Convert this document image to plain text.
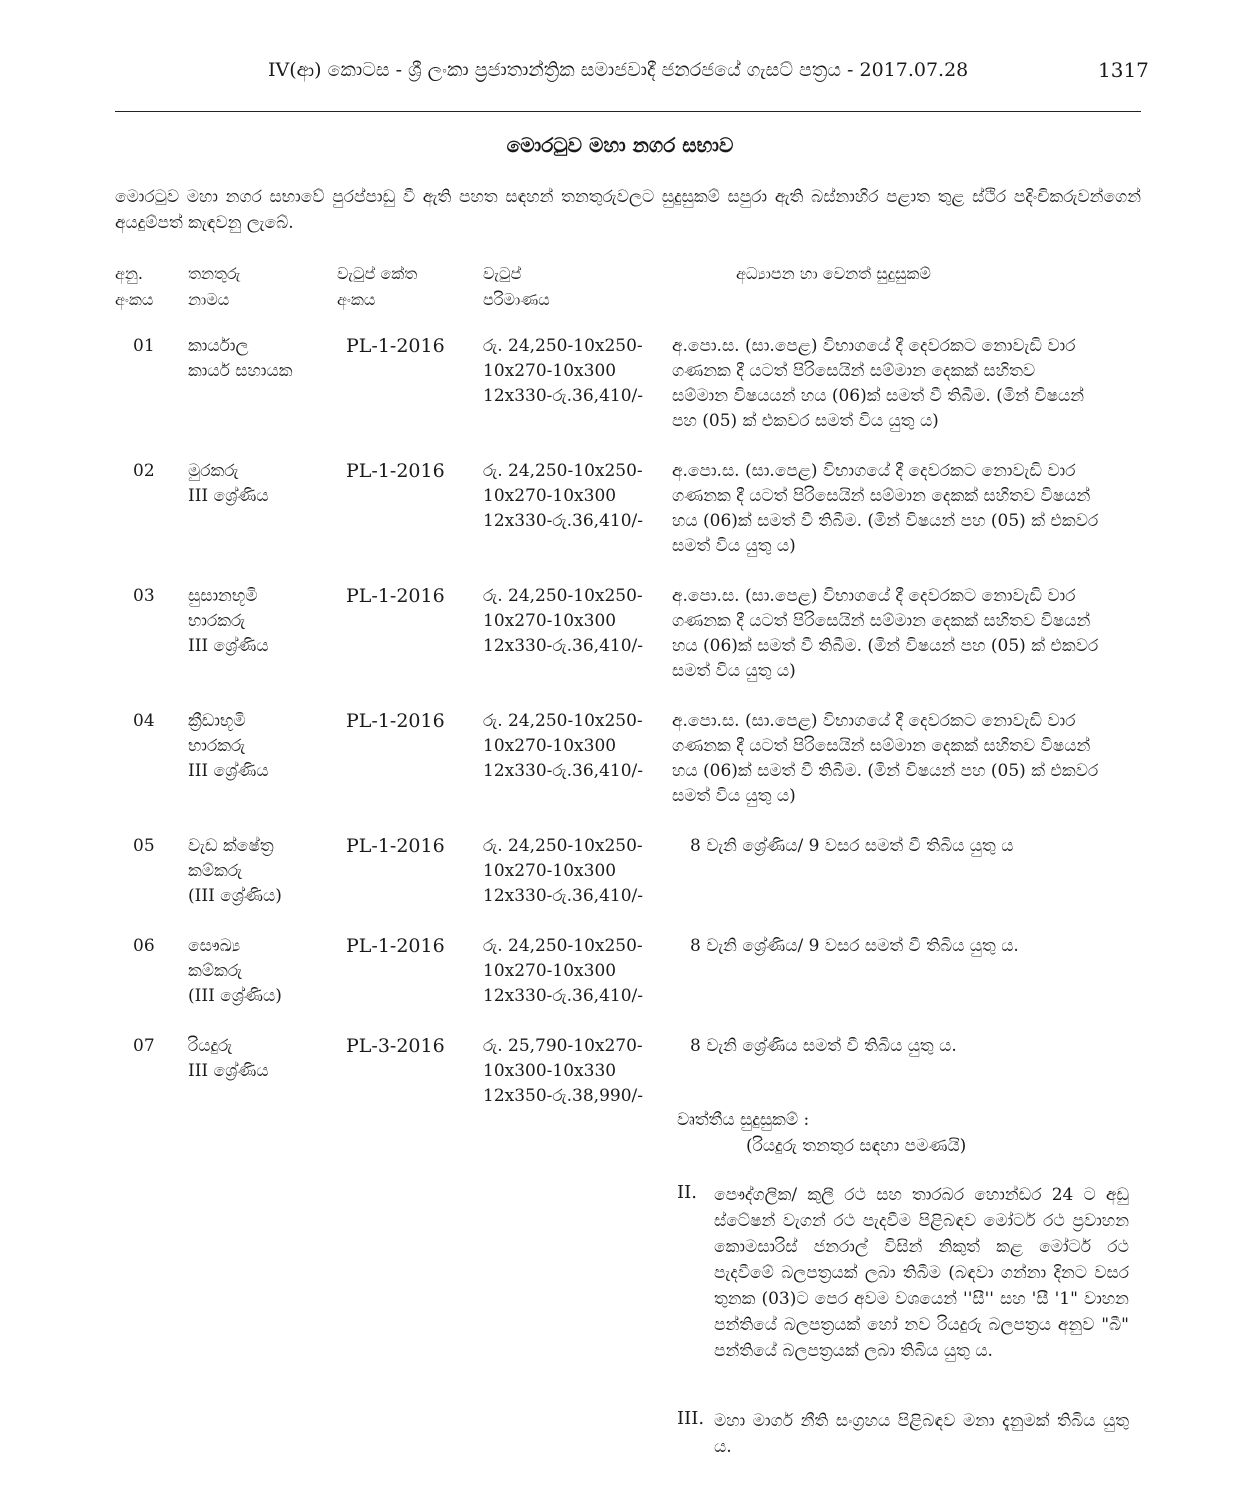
IV(ආ) කොටස - ශ්‍රී ලංකා ප්‍රජාතාන්ත්‍රික සමාජවාදී ජනරජයේ ගැසට් පත්‍රය - 2017.07.28	1317
මොරටුව මහා නගර සභාව
මොරටුව මහා නගර සභාවේ පුරප්පාඩු වී ඇති පහත සඳහන් තනතුරුවලට සුදුසුකම් සපුරා ඇති බස්නාහිර පළාත තුළ ස්ථිර පදිංචිකරුවන්ගෙන් අයදුම්පත් කැඳවනු ලැබේ.
අනු.
අංකය
තනතුරු
නාමය
වැටුප් කේත
අංකය
වැටුප්
පරිමාණය
අධ්‍යාපන හා වෙනත් සුදුසුකම්
01 කාර්යාල
කාර්ය සහායක
PL-1-2016 රු. 24,250-10x250-
10x270-10x300
12x330-රු.36,410/-
අ.පො.ස. (සා.පෙළ) විභාගයේ දී දෙවරකට නොවැඩි වාර
ගණනක දී යටත් පිරිසෙයින් සම්මාන දෙකක් සහිතව
සම්මාන විෂයයන් හය (06)ක් සමත් වී තිබීම. (මින් විෂයන්
පහ (05) ක් එකවර සමත් විය යුතු ය)
02 මුරකරු
III ශ්‍රේණිය
PL-1-2016 රු. 24,250-10x250-
10x270-10x300
12x330-රු.36,410/-
අ.පො.ස. (සා.පෙළ) විභාගයේ දී දෙවරකට නොවැඩි වාර
ගණනක දී යටත් පිරිසෙයින් සම්මාන දෙකක් සහිතව විෂයන්
හය (06)ක් සමත් වී තිබීම. (මින් විෂයන් පහ (05) ක් එකවර
සමත් විය යුතු ය)
03 සුසානභූමි
භාරකරු
III ශ්‍රේණිය
PL-1-2016 රු. 24,250-10x250-
10x270-10x300
12x330-රු.36,410/-
අ.පො.ස. (සා.පෙළ) විභාගයේ දී දෙවරකට නොවැඩි වාර
ගණනක දී යටත් පිරිසෙයින් සම්මාන දෙකක් සහිතව විෂයන්
හය (06)ක් සමත් වී තිබීම. (මින් විෂයන් පහ (05) ක් එකවර
සමත් විය යුතු ය)
04 ක්‍රීඩාභූමි
භාරකරු
III ශ්‍රේණිය
PL-1-2016 රු. 24,250-10x250-
10x270-10x300
12x330-රු.36,410/-
අ.පො.ස. (සා.පෙළ) විභාගයේ දී දෙවරකට නොවැඩි වාර
ගණනක දී යටත් පිරිසෙයින් සම්මාන දෙකක් සහිතව විෂයන්
හය (06)ක් සමත් වී තිබීම. (මින් විෂයන් පහ (05) ක් එකවර
සමත් විය යුතු ය)
05 වැඩ ක්ෂේත්‍ර
කම්කරු
(III ශ්‍රේණිය)
PL-1-2016 රු. 24,250-10x250-
10x270-10x300
12x330-රු.36,410/-
8 වැනි ශ්‍රේණිය/ 9 වසර සමත් වී තිබිය යුතු ය
06 සෞඛ්‍ය
කම්කරු
(III ශ්‍රේණිය)
PL-1-2016 රු. 24,250-10x250-
10x270-10x300
12x330-රු.36,410/-
8 වැනි ශ්‍රේණිය/ 9 වසර සමත් වී තිබිය යුතු ය.
07 රියදුරු
III ශ්‍රේණිය
PL-3-2016 රු. 25,790-10x270-
10x300-10x330
12x350-රු.38,990/-
8 වැනි ශ්‍රේණිය සමත් වී තිබිය යුතු ය.
වෘත්තීය සුදුසුකම් :
(රියදුරු තනතුර සඳහා පමණයි)
II. පෞද්ගලික/ කුලී රථ සහ තාරබර හොන්ඩර 24 ට අඩු ස්ටේෂන් වැගන් රථ පැදවීම පිළිබඳව මෝටර් රථ ප්‍රවාහන කොමසාරිස් ජනරාල් විසින් නිකුත් කළ මෝටර් රථ පැදවීමේ බලපත්‍රයක් ලබා තිබීම (බඳවා ගන්නා දිනට වසර තුනක (03)ට පෙර අවම වශයෙන් ''සී'' සහ 'සී '1" වාහන පන්තියේ බලපත්‍රයක් හෝ නව රියදුරු බලපත්‍රය අනුව "බී" පන්තියේ බලපත්‍රයක් ලබා තිබිය යුතු ය.
III. මහා මාර්ග නීති සංග්‍රහය පිළිබඳව මනා දැනුමක් තිබිය යුතු ය.
